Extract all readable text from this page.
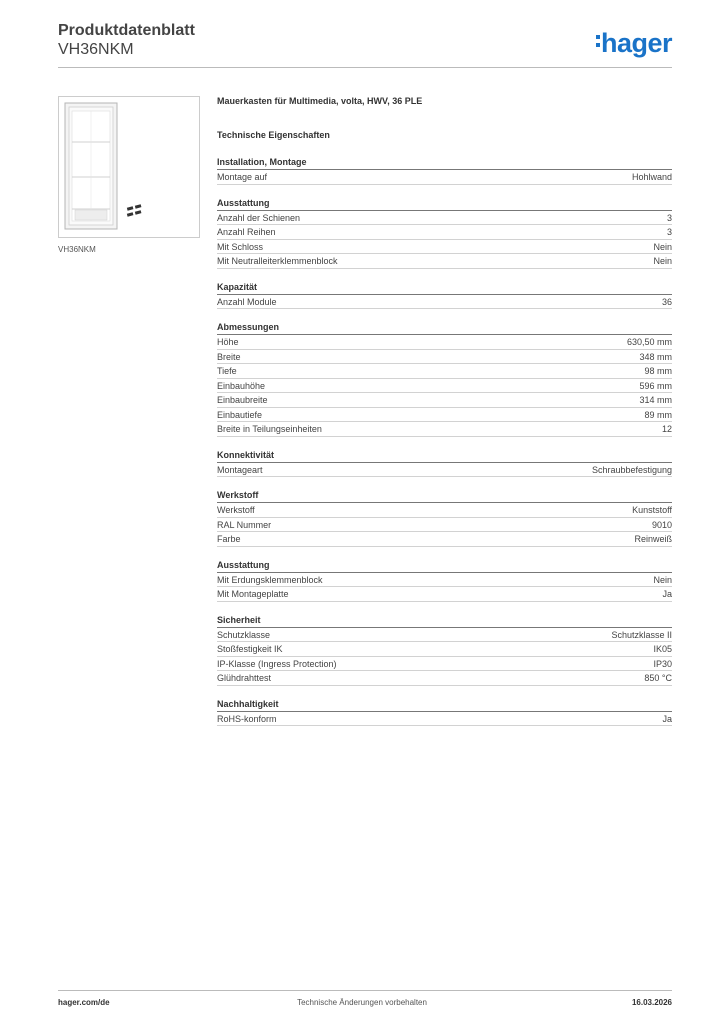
Produktdatenblatt
VH36NKM	hager
VH36NKM
Mauerkasten für Multimedia, volta, HWV, 36 PLE
Technische Eigenschaften
Installation, Montage
Montage auf	Hohlwand
Ausstattung
Anzahl der Schienen	3
Anzahl Reihen	3
Mit Schloss	Nein
Mit Neutralleiterklemmenblock	Nein
Kapazität
Anzahl Module	36
Abmessungen
Höhe	630,50 mm
Breite	348 mm
Tiefe	98 mm
Einbauhöhe	596 mm
Einbaubreite	314 mm
Einbautiefe	89 mm
Breite in Teilungseinheiten	12
Konnektivität
Montageart	Schraubbefestigung
Werkstoff
Werkstoff	Kunststoff
RAL Nummer	9010
Farbe	Reinweiß
Ausstattung
Mit Erdungsklemmenblock	Nein
Mit Montageplatte	Ja
Sicherheit
Schutzklasse	Schutzklasse II
Stoßfestigkeit IK	IK05
IP-Klasse (Ingress Protection)	IP30
Glühdrahttest	850 °C
Nachhaltigkeit
RoHS-konform	Ja
hager.com/de	Technische Änderungen vorbehalten	16.03.2026
